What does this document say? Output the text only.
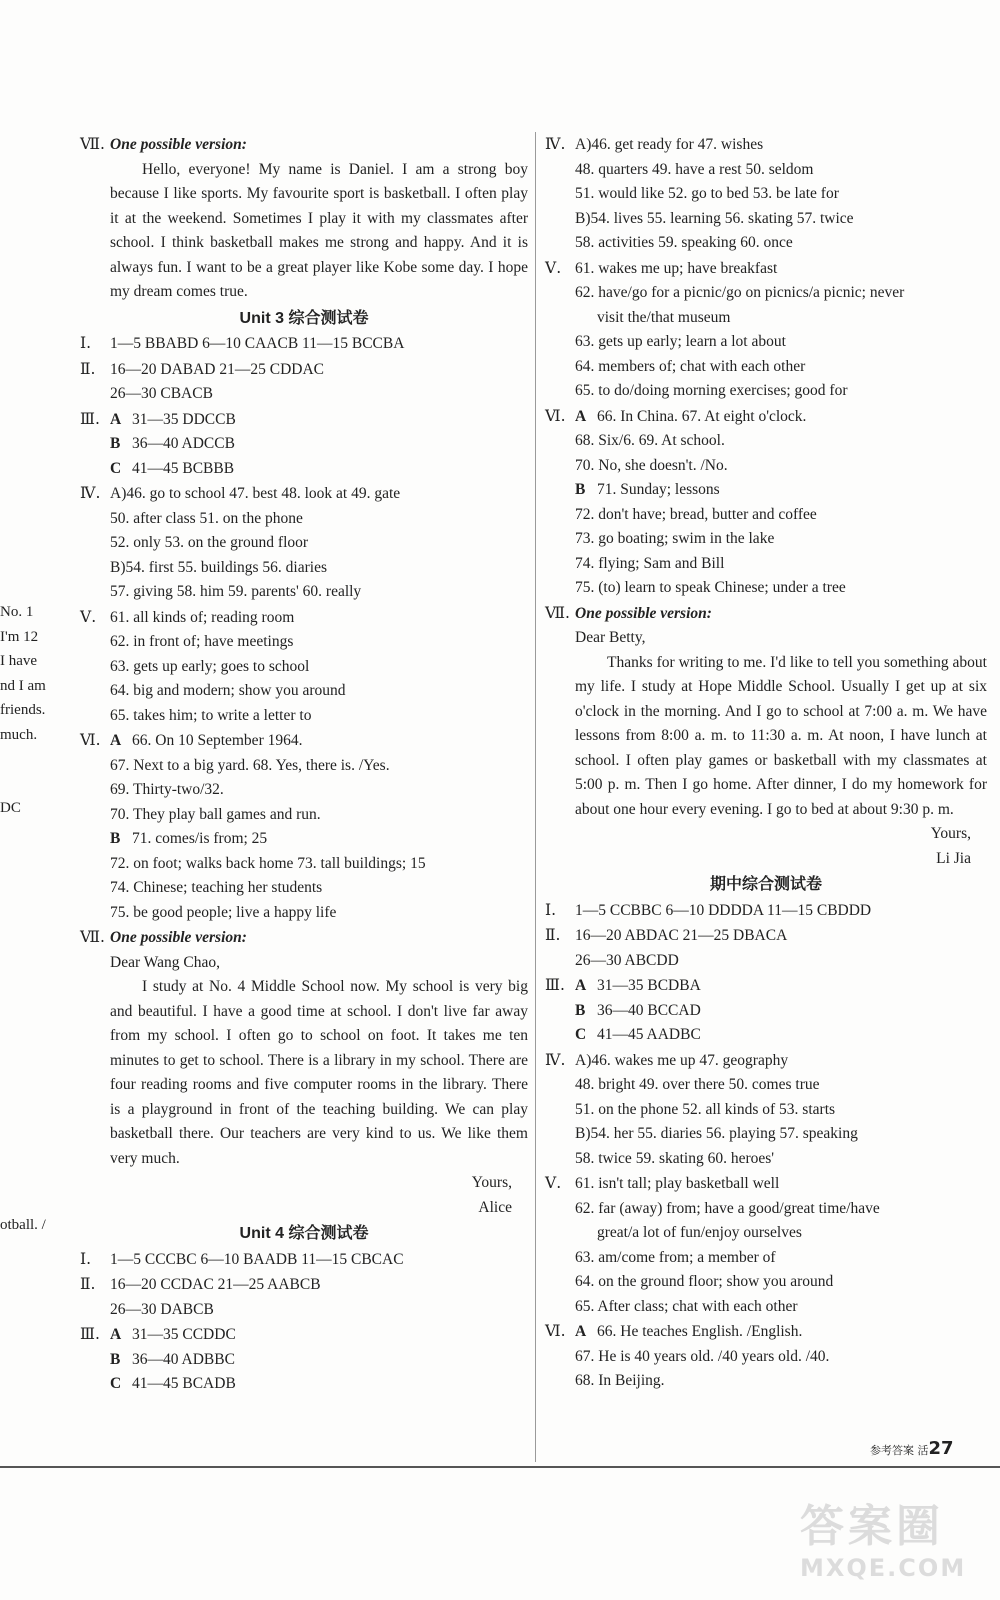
No. 1
I'm 12
I have
nd I am
friends.
much.

DC

otball. /
Ⅶ. One possible version:
Hello, everyone! My name is Daniel. I am a strong boy because I like sports. My favourite sport is basketball. I often play it at the weekend. Sometimes I play it with my classmates after school. I think basketball makes me strong and happy. And it is always fun. I want to be a great player like Kobe some day. I hope my dream comes true.
Unit 3 综合测试卷
Ⅰ. 1—5 BBABD 6—10 CAACB 11—15 BCCBA
Ⅱ. 16—20 DABAD 21—25 CDDAC
26—30 CBACB
Ⅲ. A 31—35 DDCCB
B 36—40 ADCCB
C 41—45 BCBBB
Ⅳ. A)46. go to school 47. best 48. look at 49. gate
50. after class 51. on the phone
52. only 53. on the ground floor
B)54. first 55. buildings 56. diaries
57. giving 58. him 59. parents' 60. really
Ⅴ. 61. all kinds of; reading room
62. in front of; have meetings
63. gets up early; goes to school
64. big and modern; show you around
65. takes him; to write a letter to
Ⅵ. A 66. On 10 September 1964.
67. Next to a big yard. 68. Yes, there is. /Yes.
69. Thirty-two/32.
70. They play ball games and run.
B 71. comes/is from; 25
72. on foot; walks back home 73. tall buildings; 15
74. Chinese; teaching her students
75. be good people; live a happy life
Ⅶ. One possible version:
Dear Wang Chao,
I study at No. 4 Middle School now. My school is very big and beautiful. I have a good time at school. I don't live far away from my school. I often go to school on foot. It takes me ten minutes to get to school. There is a library in my school. There are four reading rooms and five computer rooms in the library. There is a playground in front of the teaching building. We can play basketball there. Our teachers are very kind to us. We like them very much.
Yours,
Alice
Unit 4 综合测试卷
Ⅰ. 1—5 CCCBC 6—10 BAADB 11—15 CBCAC
Ⅱ. 16—20 CCDAC 21—25 AABCB
26—30 DABCB
Ⅲ. A 31—35 CCDDC
B 36—40 ADBBC
C 41—45 BCADB
Ⅳ. A)46. get ready for 47. wishes
48. quarters 49. have a rest 50. seldom
51. would like 52. go to bed 53. be late for
B)54. lives 55. learning 56. skating 57. twice
58. activities 59. speaking 60. once
Ⅴ. 61. wakes me up; have breakfast
62. have/go for a picnic/go on picnics/a picnic; never
visit the/that museum
63. gets up early; learn a lot about
64. members of; chat with each other
65. to do/doing morning exercises; good for
Ⅵ. A 66. In China. 67. At eight o'clock.
68. Six/6. 69. At school.
70. No, she doesn't. /No.
B 71. Sunday; lessons
72. don't have; bread, butter and coffee
73. go boating; swim in the lake
74. flying; Sam and Bill
75. (to) learn to speak Chinese; under a tree
Ⅶ. One possible version:
Dear Betty,
Thanks for writing to me. I'd like to tell you something about my life. I study at Hope Middle School. Usually I get up at six o'clock in the morning. And I go to school at 7:00 a. m. We have lessons from 8:00 a. m. to 11:30 a. m. At noon, I have lunch at school. I often play games or basketball with my classmates at 5:00 p. m. Then I go home. After dinner, I do my homework for about one hour every evening. I go to bed at about 9:30 p. m.
Yours,
Li Jia
期中综合测试卷
Ⅰ. 1—5 CCBBC 6—10 DDDDA 11—15 CBDDD
Ⅱ. 16—20 ABDAC 21—25 DBACA
26—30 ABCDD
Ⅲ. A 31—35 BCDBA
B 36—40 BCCAD
C 41—45 AADBC
Ⅳ. A)46. wakes me up 47. geography
48. bright 49. over there 50. comes true
51. on the phone 52. all kinds of 53. starts
B)54. her 55. diaries 56. playing 57. speaking
58. twice 59. skating 60. heroes'
Ⅴ. 61. isn't tall; play basketball well
62. far (away) from; have a good/great time/have
great/a lot of fun/enjoy ourselves
63. am/come from; a member of
64. on the ground floor; show you around
65. After class; chat with each other
Ⅵ. A 66. He teaches English. /English.
67. He is 40 years old. /40 years old. /40.
68. In Beijing.
参考答案 活27
答案圈
MXQE.COM
